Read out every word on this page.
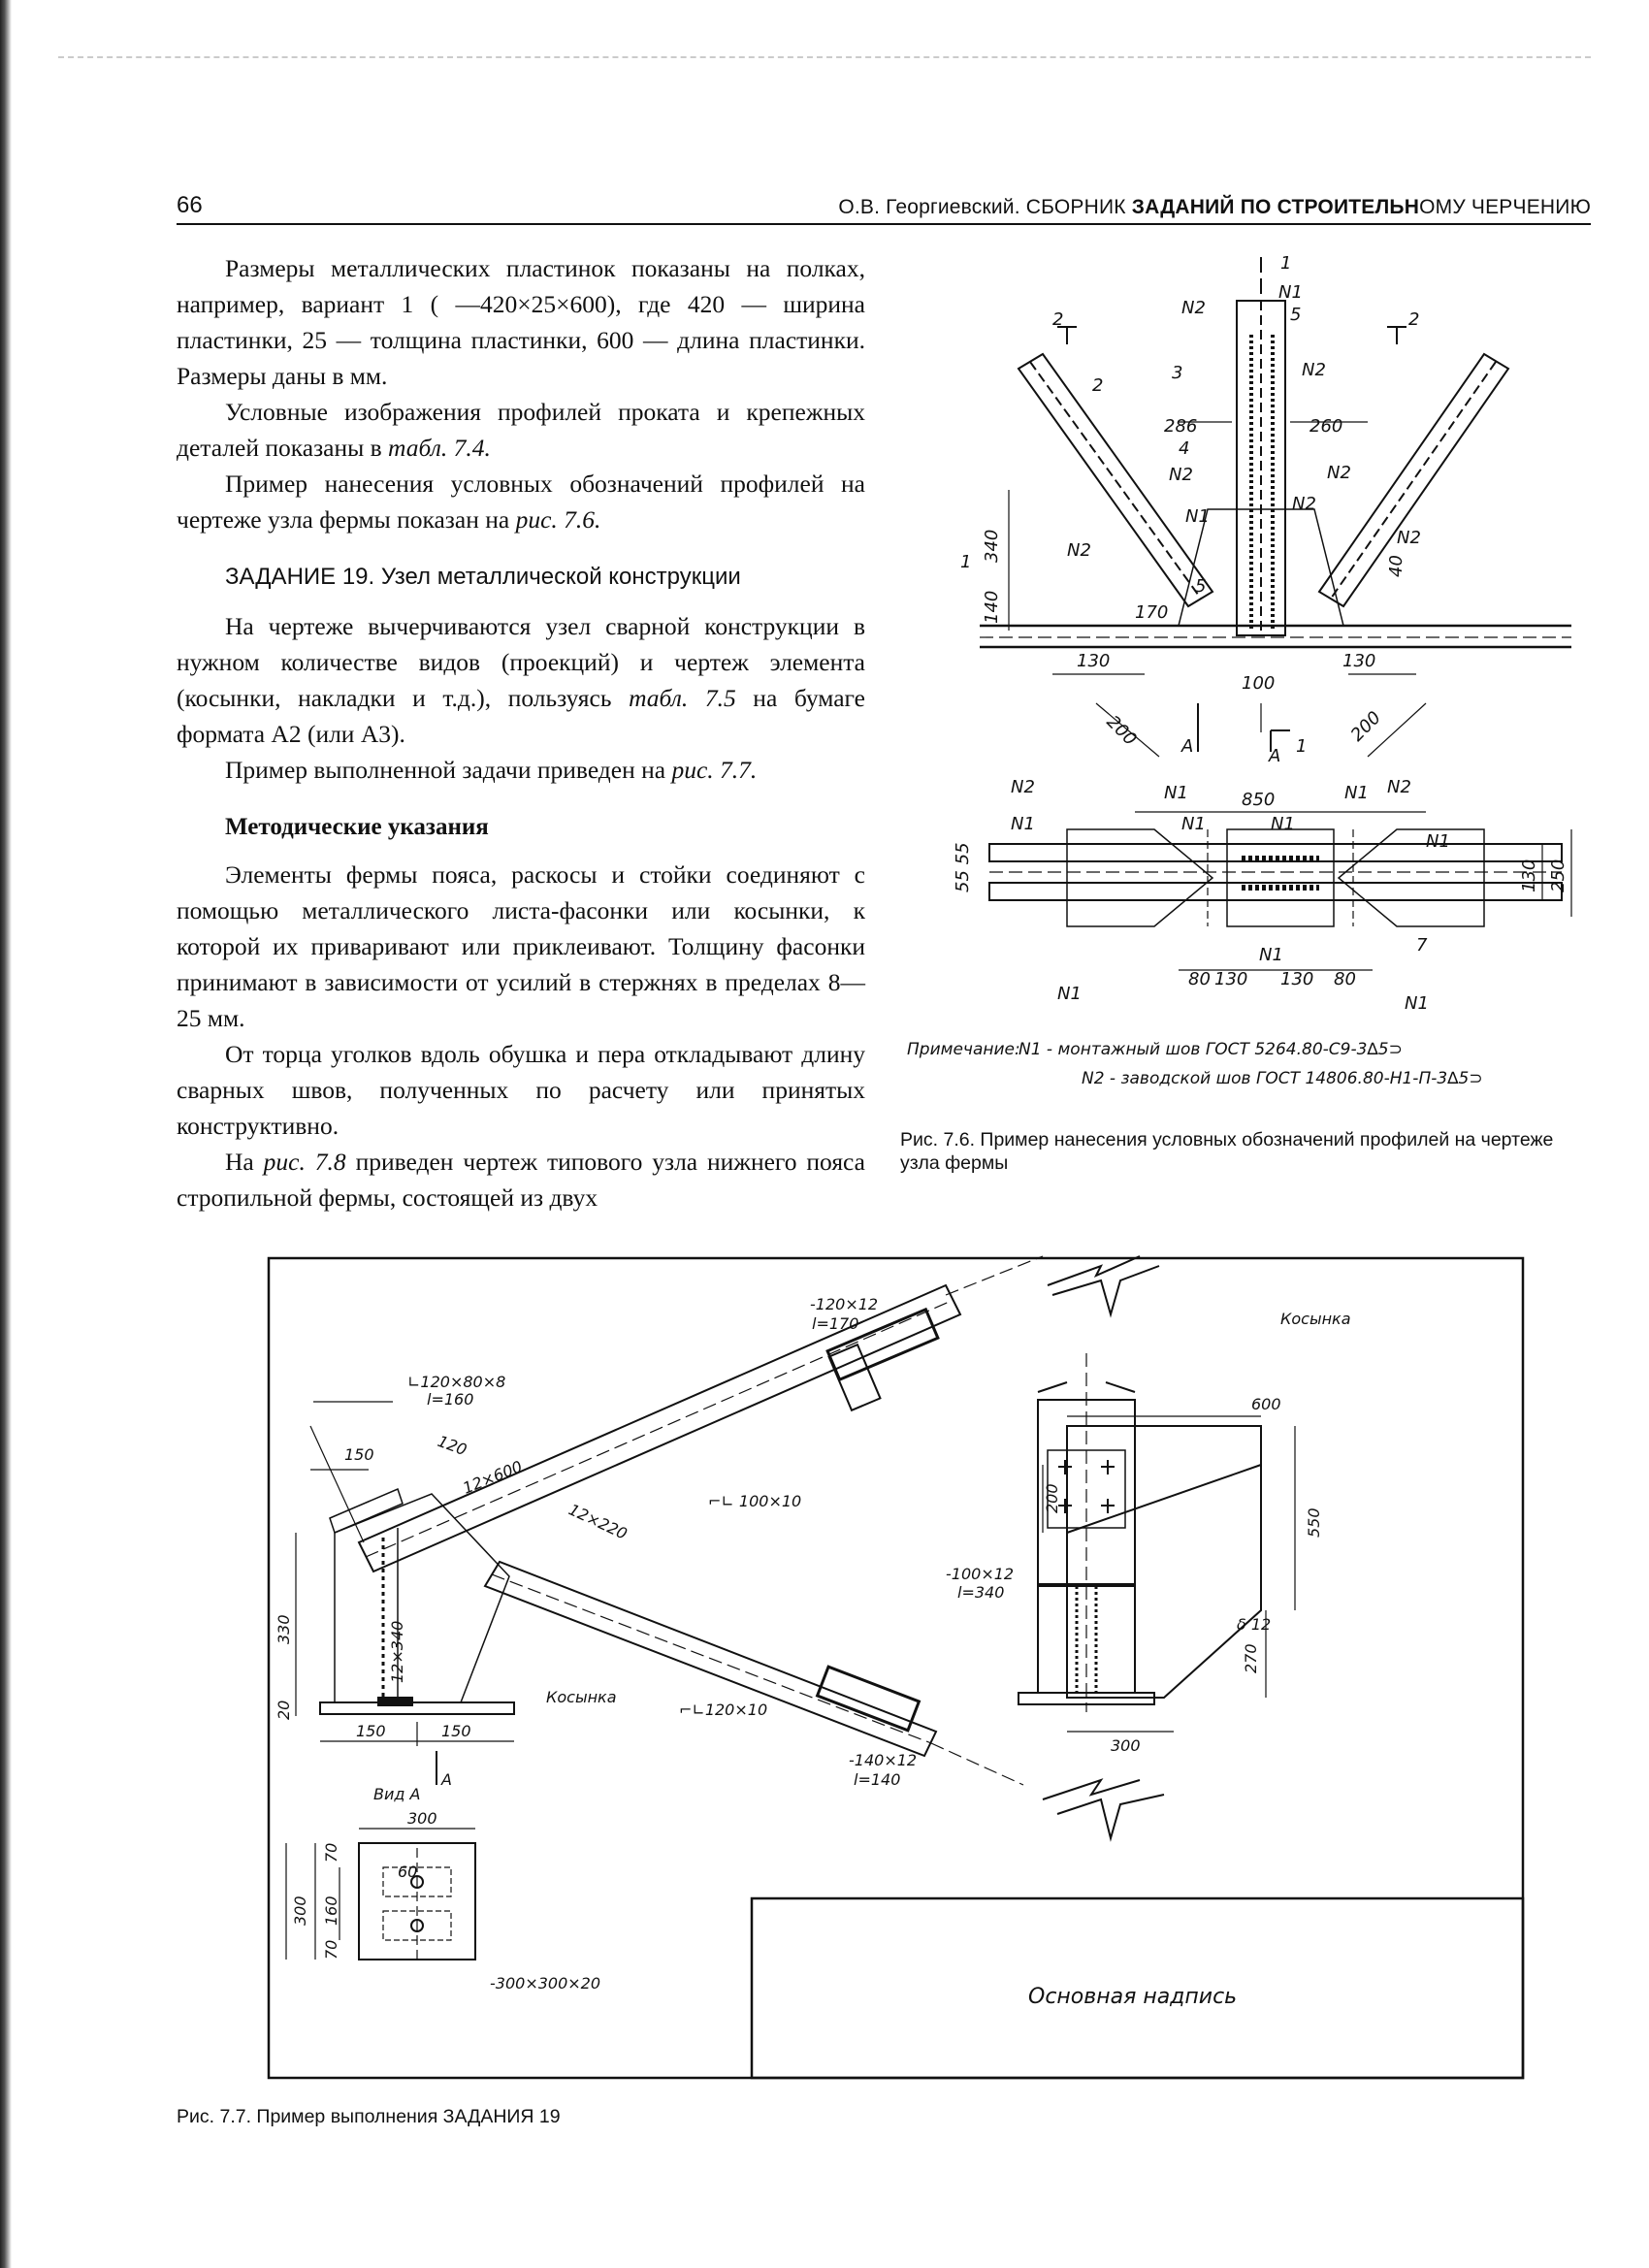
66	О.В. Георгиевский. СБОРНИК ЗАДАНИЙ ПО СТРОИТЕЛЬНОМУ ЧЕРЧЕНИЮ

Размеры металлических пластинок показаны на полках, например, вариант 1 ( —420×25×600), где 420 — ширина пластинки, 25 — толщина пластинки, 600 — длина пластинки. Размеры даны в мм.

Условные изображения профилей проката и крепежных деталей показаны в табл. 7.4.

Пример нанесения условных обозначений профилей на чертеже узла фермы показан на рис. 7.6.

ЗАДАНИЕ 19. Узел металлической конструкции

На чертеже вычерчиваются узел сварной конструкции в нужном количестве видов (проекций) и чертеж элемента (косынки, накладки и т.д.), пользуясь табл. 7.5 на бумаге формата А2 (или А3).

Пример выполненной задачи приведен на рис. 7.7.

Методические указания

Элементы фермы пояса, раскосы и стойки соединяют с помощью металлического листа-фасонки или косынки, к которой их приваривают или приклеивают. Толщину фасонки принимают в зависимости от усилий в стержнях в пределах 8—25 мм.

От торца уголков вдоль обушка и пера откладывают длину сварных швов, полученных по расчету или принятых конструктивно.

На рис. 7.8 приведен чертеж типового узла нижнего пояса стропильной фермы, состоящей из двух

1
N1
N2
2	2
5
N2
3
2
286	260
4
N2	N2
N1
N2
340	N2
N2
1	40
140	170
5
130	130
200	200
100
А	А 1
N2	N2
N1	850	N1
N1	N1	N1
N1
55 55	130 250
7
N1
80 130 130 80
N1	N1
Примечание:
N1 - монтажный шов ГОСТ 5264.80-С9-3∆5⊃
N2 - заводской шов ГОСТ 14806.80-Н1-П-3∆5⊃
Рис. 7.6. Пример нанесения условных обозначений профилей на чертеже узла фермы
∟120×80×8
l=160
-120×12
l=170
150	120
12×600
12×220	⌐∟ 100×10
12×340
330
20
150	150
Косынка
Вид А
А
⌐∟120×10
-100×12
l=340
-140×12
l=140
Косынка
600
200
550
270
δ 12
300
300
60
70
160
70
300
-300×300×20
Основная надпись
Рис. 7.7. Пример выполнения ЗАДАНИЯ 19
